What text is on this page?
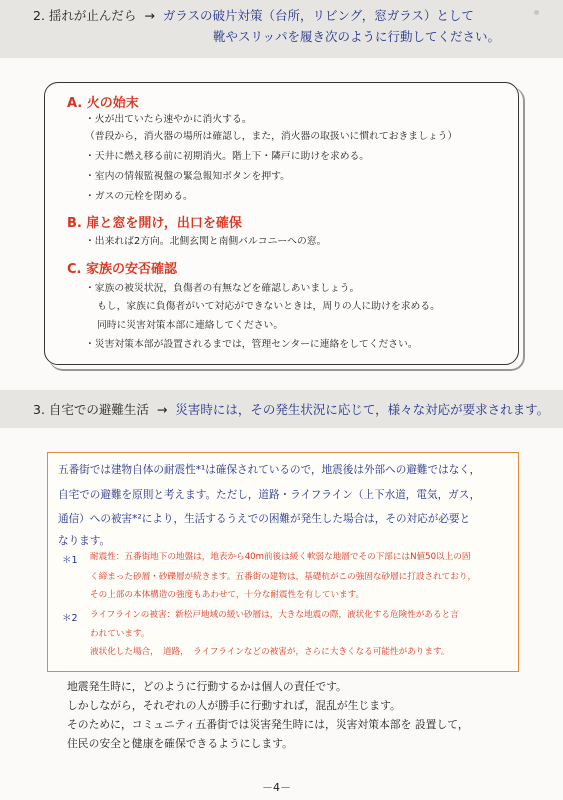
2. 揺れが止んだら → ガラスの破片対策（台所，リビング，窓ガラス）として
靴やスリッパを履き次のように行動してください。
A. 火の始末
・火が出ていたら速やかに消火する。
（普段から，消火器の場所は確認し，また，消火器の取扱いに慣れておきましょう）
・天井に燃え移る前に初期消火。階上下・隣戸に助けを求める。
・室内の情報監視盤の緊急報知ボタンを押す。
・ガスの元栓を閉める。
B. 扉と窓を開け，出口を確保
・出来れば2方向。北側玄関と南側バルコニーへの窓。
C. 家族の安否確認
・家族の被災状況，負傷者の有無などを確認しあいましょう。
もし，家族に負傷者がいて対応ができないときは，周りの人に助けを求める。
同時に災害対策本部に連絡してください。
・災害対策本部が設置されるまでは，管理センターに連絡をしてください。
3. 自宅での避難生活 → 災害時には，その発生状況に応じて，様々な対応が要求されます。
五番街では建物自体の耐震性*¹は確保されているので，地震後は外部への避難ではなく，
自宅での避難を原則と考えます。ただし，道路・ライフライン（上下水道，電気，ガス，
通信）への被害*²により，生活するうえでの困難が発生した場合は，その対応が必要と
なります。
＊1 耐震性：五番街地下の地盤は，地表から40m前後は緩く軟弱な地層でその下部にはN値50以上の固
く締まった砂層・砂礫層が続きます。五番街の建物は，基礎杭がこの強固な砂層に打設されており，
その上部の本体構造の強度もあわせて，十分な耐震性を有しています。
＊2 ライフラインの被害：新松戸地域の緩い砂層は，大きな地震の際，液状化する危険性があると言
われています。
液状化した場合，　道路，　ライフラインなどの被害が，さらに大きくなる可能性があります。
地震発生時に，どのように行動するかは個人の責任です。
しかしながら，それぞれの人が勝手に行動すれば，混乱が生じます。
そのために，コミュニティ五番街では災害発生時には，災害対策本部を 設置して，
住民の安全と健康を確保できるようにします。
－4－
